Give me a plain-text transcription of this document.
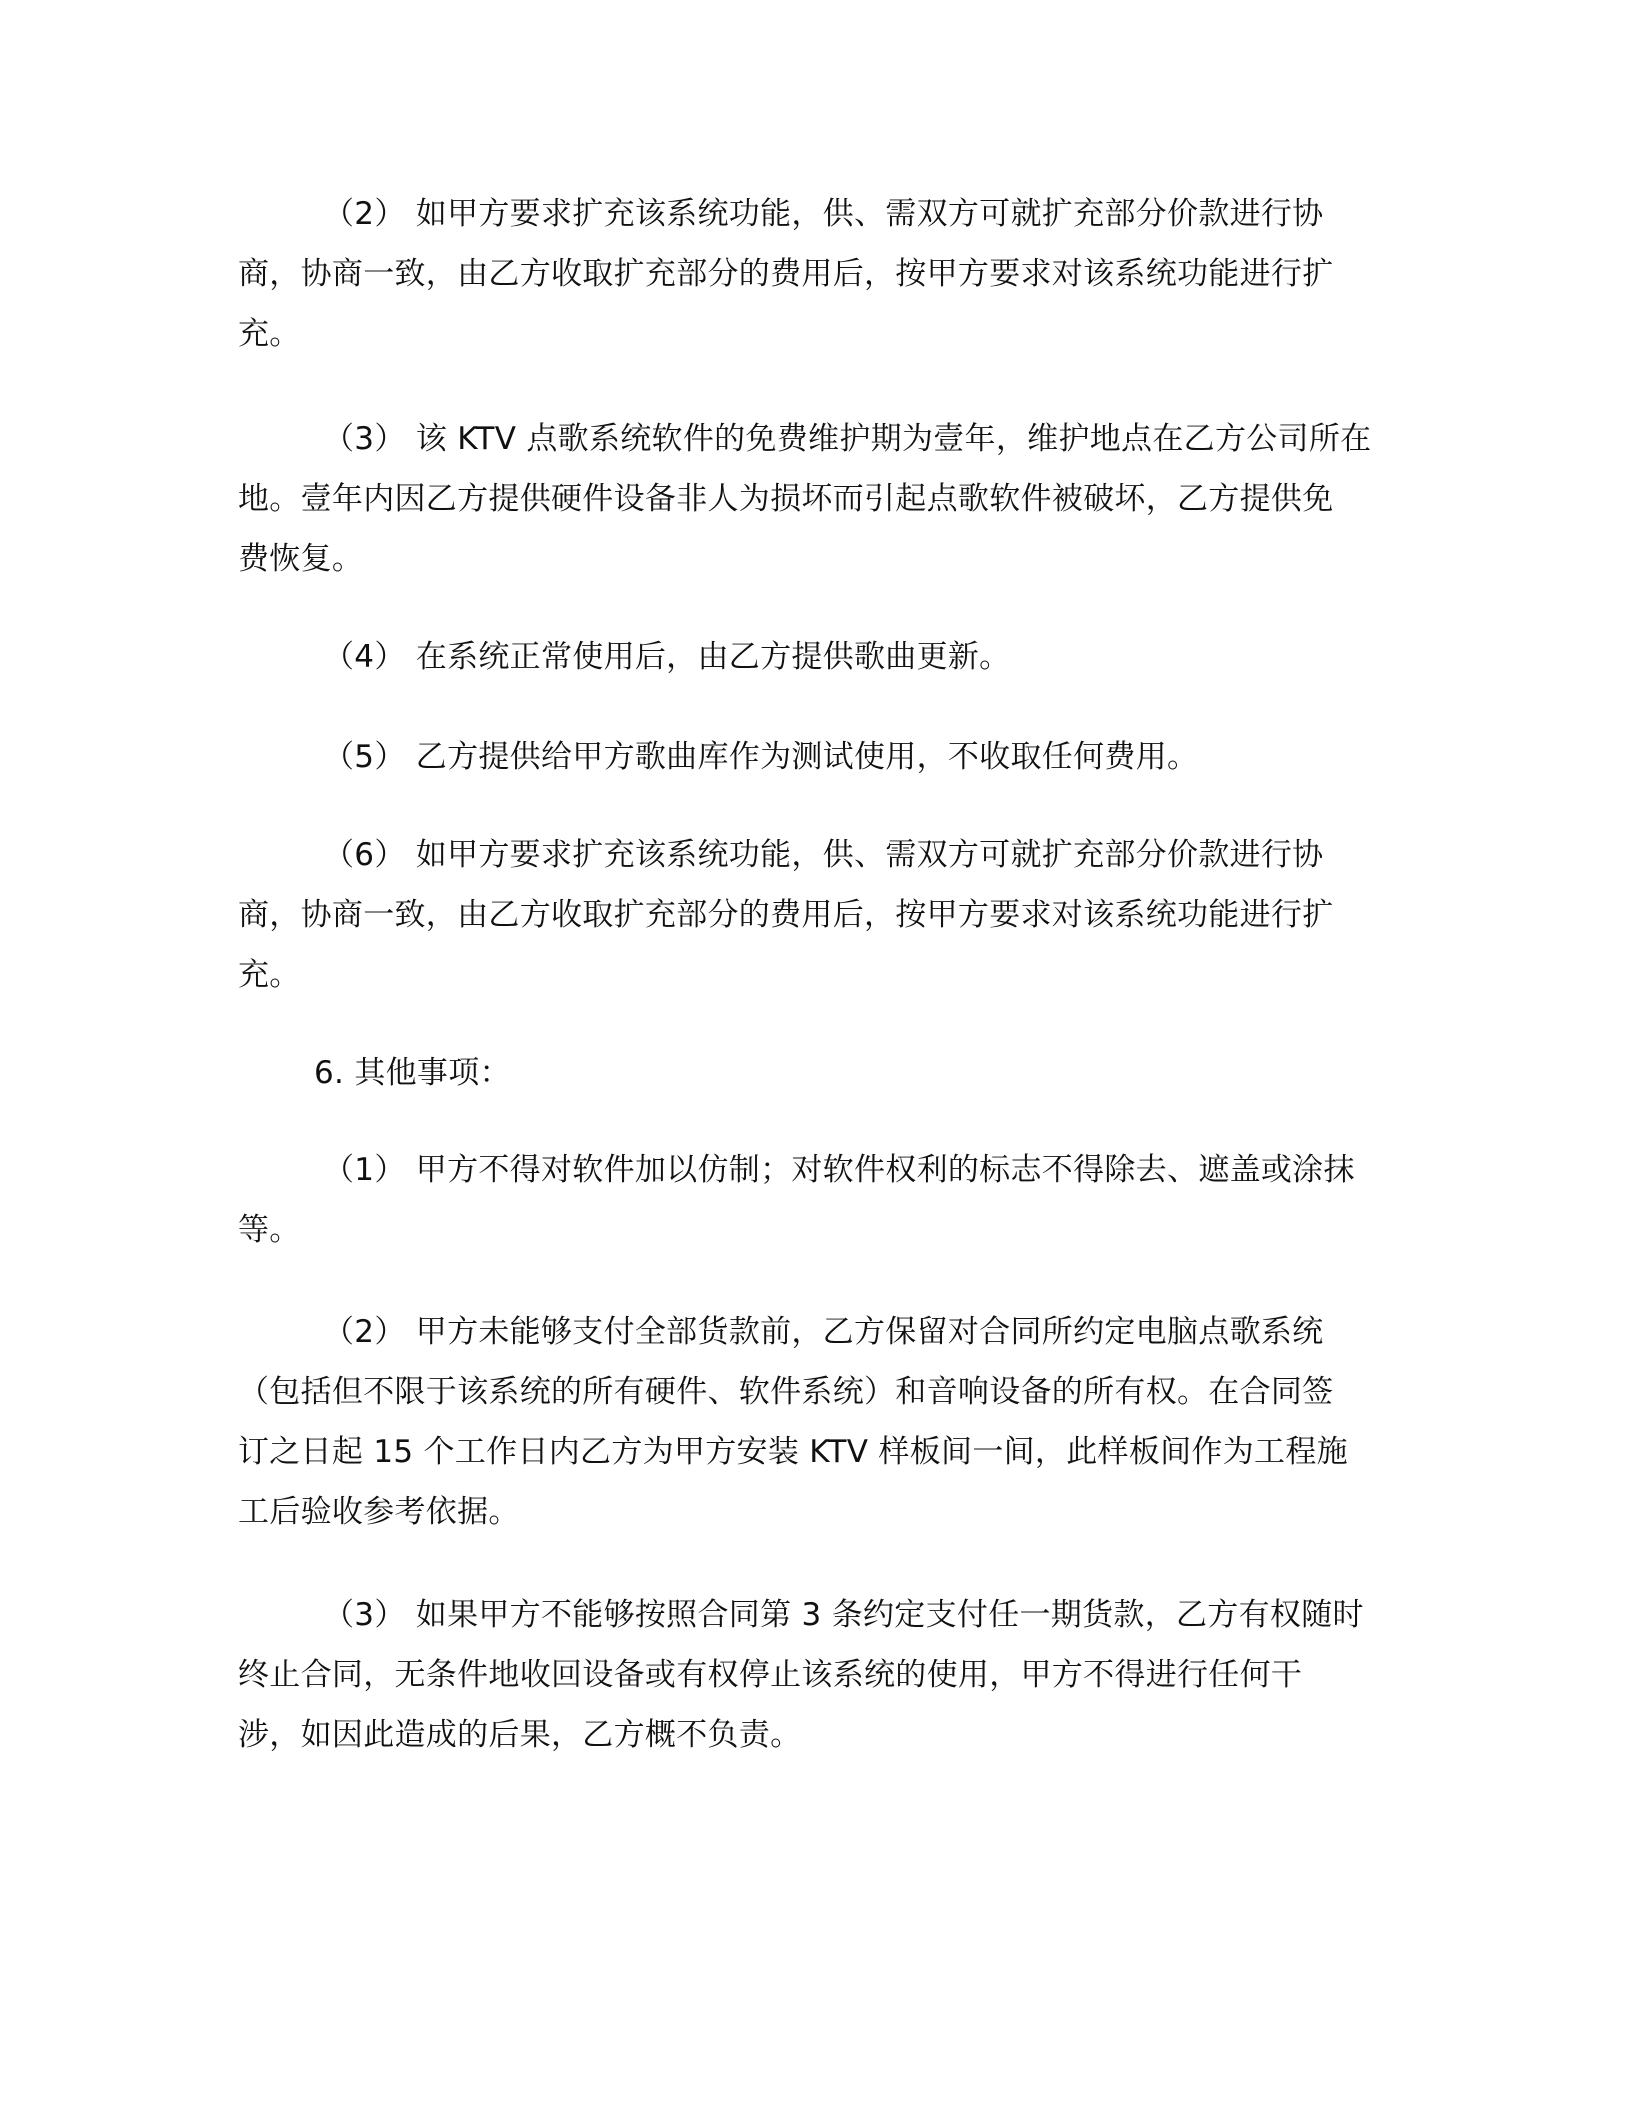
（2） 如甲方要求扩充该系统功能，供、需双方可就扩充部分价款进行协
商，协商一致，由乙方收取扩充部分的费用后，按甲方要求对该系统功能进行扩
充。
（3） 该 KTV 点歌系统软件的免费维护期为壹年，维护地点在乙方公司所在
地。壹年内因乙方提供硬件设备非人为损坏而引起点歌软件被破坏，乙方提供免
费恢复。
（4） 在系统正常使用后，由乙方提供歌曲更新。
（5） 乙方提供给甲方歌曲库作为测试使用，不收取任何费用。
（6） 如甲方要求扩充该系统功能，供、需双方可就扩充部分价款进行协
商，协商一致，由乙方收取扩充部分的费用后，按甲方要求对该系统功能进行扩
充。
6. 其他事项：
（1） 甲方不得对软件加以仿制；对软件权利的标志不得除去、遮盖或涂抹
等。
（2） 甲方未能够支付全部货款前，乙方保留对合同所约定电脑点歌系统
（包括但不限于该系统的所有硬件、软件系统）和音响设备的所有权。在合同签
订之日起 15 个工作日内乙方为甲方安装 KTV 样板间一间，此样板间作为工程施
工后验收参考依据。
（3） 如果甲方不能够按照合同第 3 条约定支付任一期货款，乙方有权随时
终止合同，无条件地收回设备或有权停止该系统的使用，甲方不得进行任何干
涉，如因此造成的后果，乙方概不负责。
